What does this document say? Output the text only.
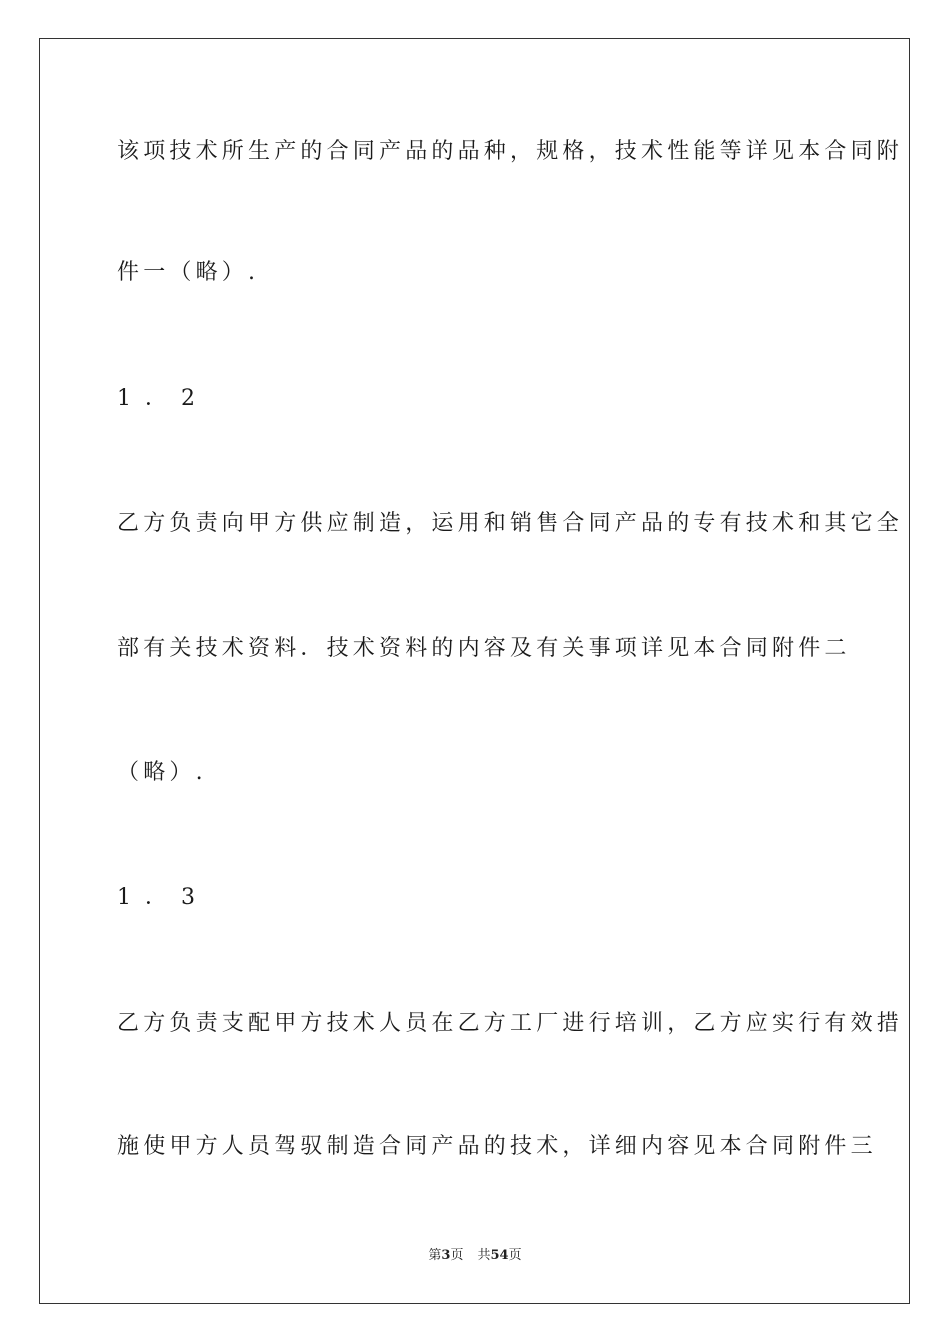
该项技术所生产的合同产品的品种，规格，技术性能等详见本合同附
件一（略）.
1．2
乙方负责向甲方供应制造，运用和销售合同产品的专有技术和其它全
部有关技术资料．技术资料的内容及有关事项详见本合同附件二
（略）.
1．3
乙方负责支配甲方技术人员在乙方工厂进行培训，乙方应实行有效措
施使甲方人员驾驭制造合同产品的技术，详细内容见本合同附件三
第3页 共54页
